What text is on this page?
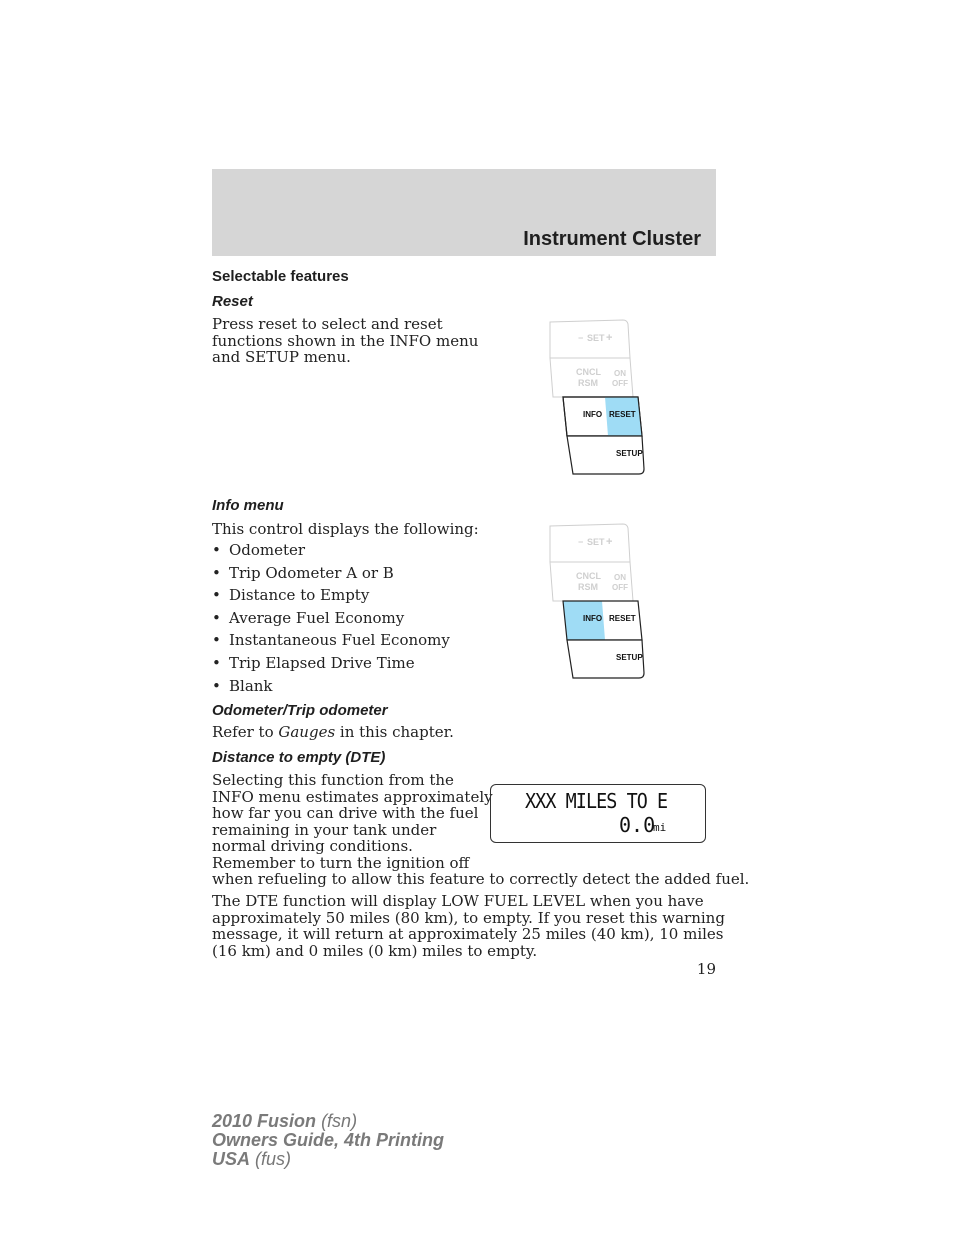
Instrument Cluster
Selectable features
Reset
Press reset to select and reset
functions shown in the INFO menu
and SETUP menu.
− SET +
CNCL
RSM
ON
OFF
INFO RESET
SETUP
Info menu
This control displays the following:
• Odometer
• Trip Odometer A or B
• Distance to Empty
• Average Fuel Economy
• Instantaneous Fuel Economy
• Trip Elapsed Drive Time
• Blank
− SET +
CNCL
RSM
ON
OFF
INFO RESET
SETUP
Odometer/Trip odometer
Refer to Gauges in this chapter.
Distance to empty (DTE)
Selecting this function from the
INFO menu estimates approximately
how far you can drive with the fuel
remaining in your tank under
normal driving conditions.
Remember to turn the ignition off
when refueling to allow this feature to correctly detect the added fuel.
XXX MILES TO E
0.0
mi
The DTE function will display LOW FUEL LEVEL when you have
approximately 50 miles (80 km), to empty. If you reset this warning
message, it will return at approximately 25 miles (40 km), 10 miles
(16 km) and 0 miles (0 km) miles to empty.
19
2010 Fusion (fsn)
Owners Guide, 4th Printing
USA (fus)
